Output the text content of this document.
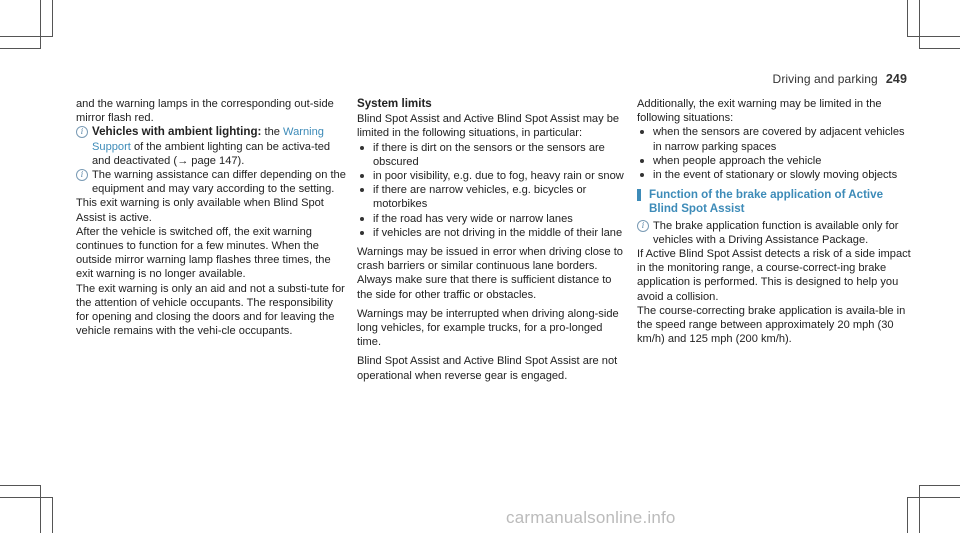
Driving and parking 249

and the warning lamps in the corresponding out-side mirror flash red.

i Vehicles with ambient lighting: the Warning Support of the ambient lighting can be activa-ted and deactivated (→ page 147).
i The warning assistance can differ depending on the equipment and may vary according to the setting.

This exit warning is only available when Blind Spot Assist is active.

After the vehicle is switched off, the exit warning continues to function for a few minutes. When the outside mirror warning lamp flashes three times, the exit warning is no longer available.

The exit warning is only an aid and not a substi-tute for the attention of vehicle occupants. The responsibility for opening and closing the doors and for leaving the vehicle remains with the vehi-cle occupants.

System limits

Blind Spot Assist and Active Blind Spot Assist may be limited in the following situations, in particular:

if there is dirt on the sensors or the sensors are obscured
in poor visibility, e.g. due to fog, heavy rain or snow
if there are narrow vehicles, e.g. bicycles or motorbikes
if the road has very wide or narrow lanes
if vehicles are not driving in the middle of their lane

Warnings may be issued in error when driving close to crash barriers or similar continuous lane borders. Always make sure that there is sufficient distance to the side for other traffic or obstacles.

Warnings may be interrupted when driving along-side long vehicles, for example trucks, for a pro-longed time.

Blind Spot Assist and Active Blind Spot Assist are not operational when reverse gear is engaged.

Additionally, the exit warning may be limited in the following situations:

when the sensors are covered by adjacent vehicles in narrow parking spaces
when people approach the vehicle
in the event of stationary or slowly moving objects
Function of the brake application of Active Blind Spot Assist
i The brake application function is available only for vehicles with a Driving Assistance Package.

If Active Blind Spot Assist detects a risk of a side impact in the monitoring range, a course-correct-ing brake application is performed. This is designed to help you avoid a collision.

The course-correcting brake application is availa-ble in the speed range between approximately 20 mph (30 km/h) and 125 mph (200 km/h).

carmanualsonline.info
